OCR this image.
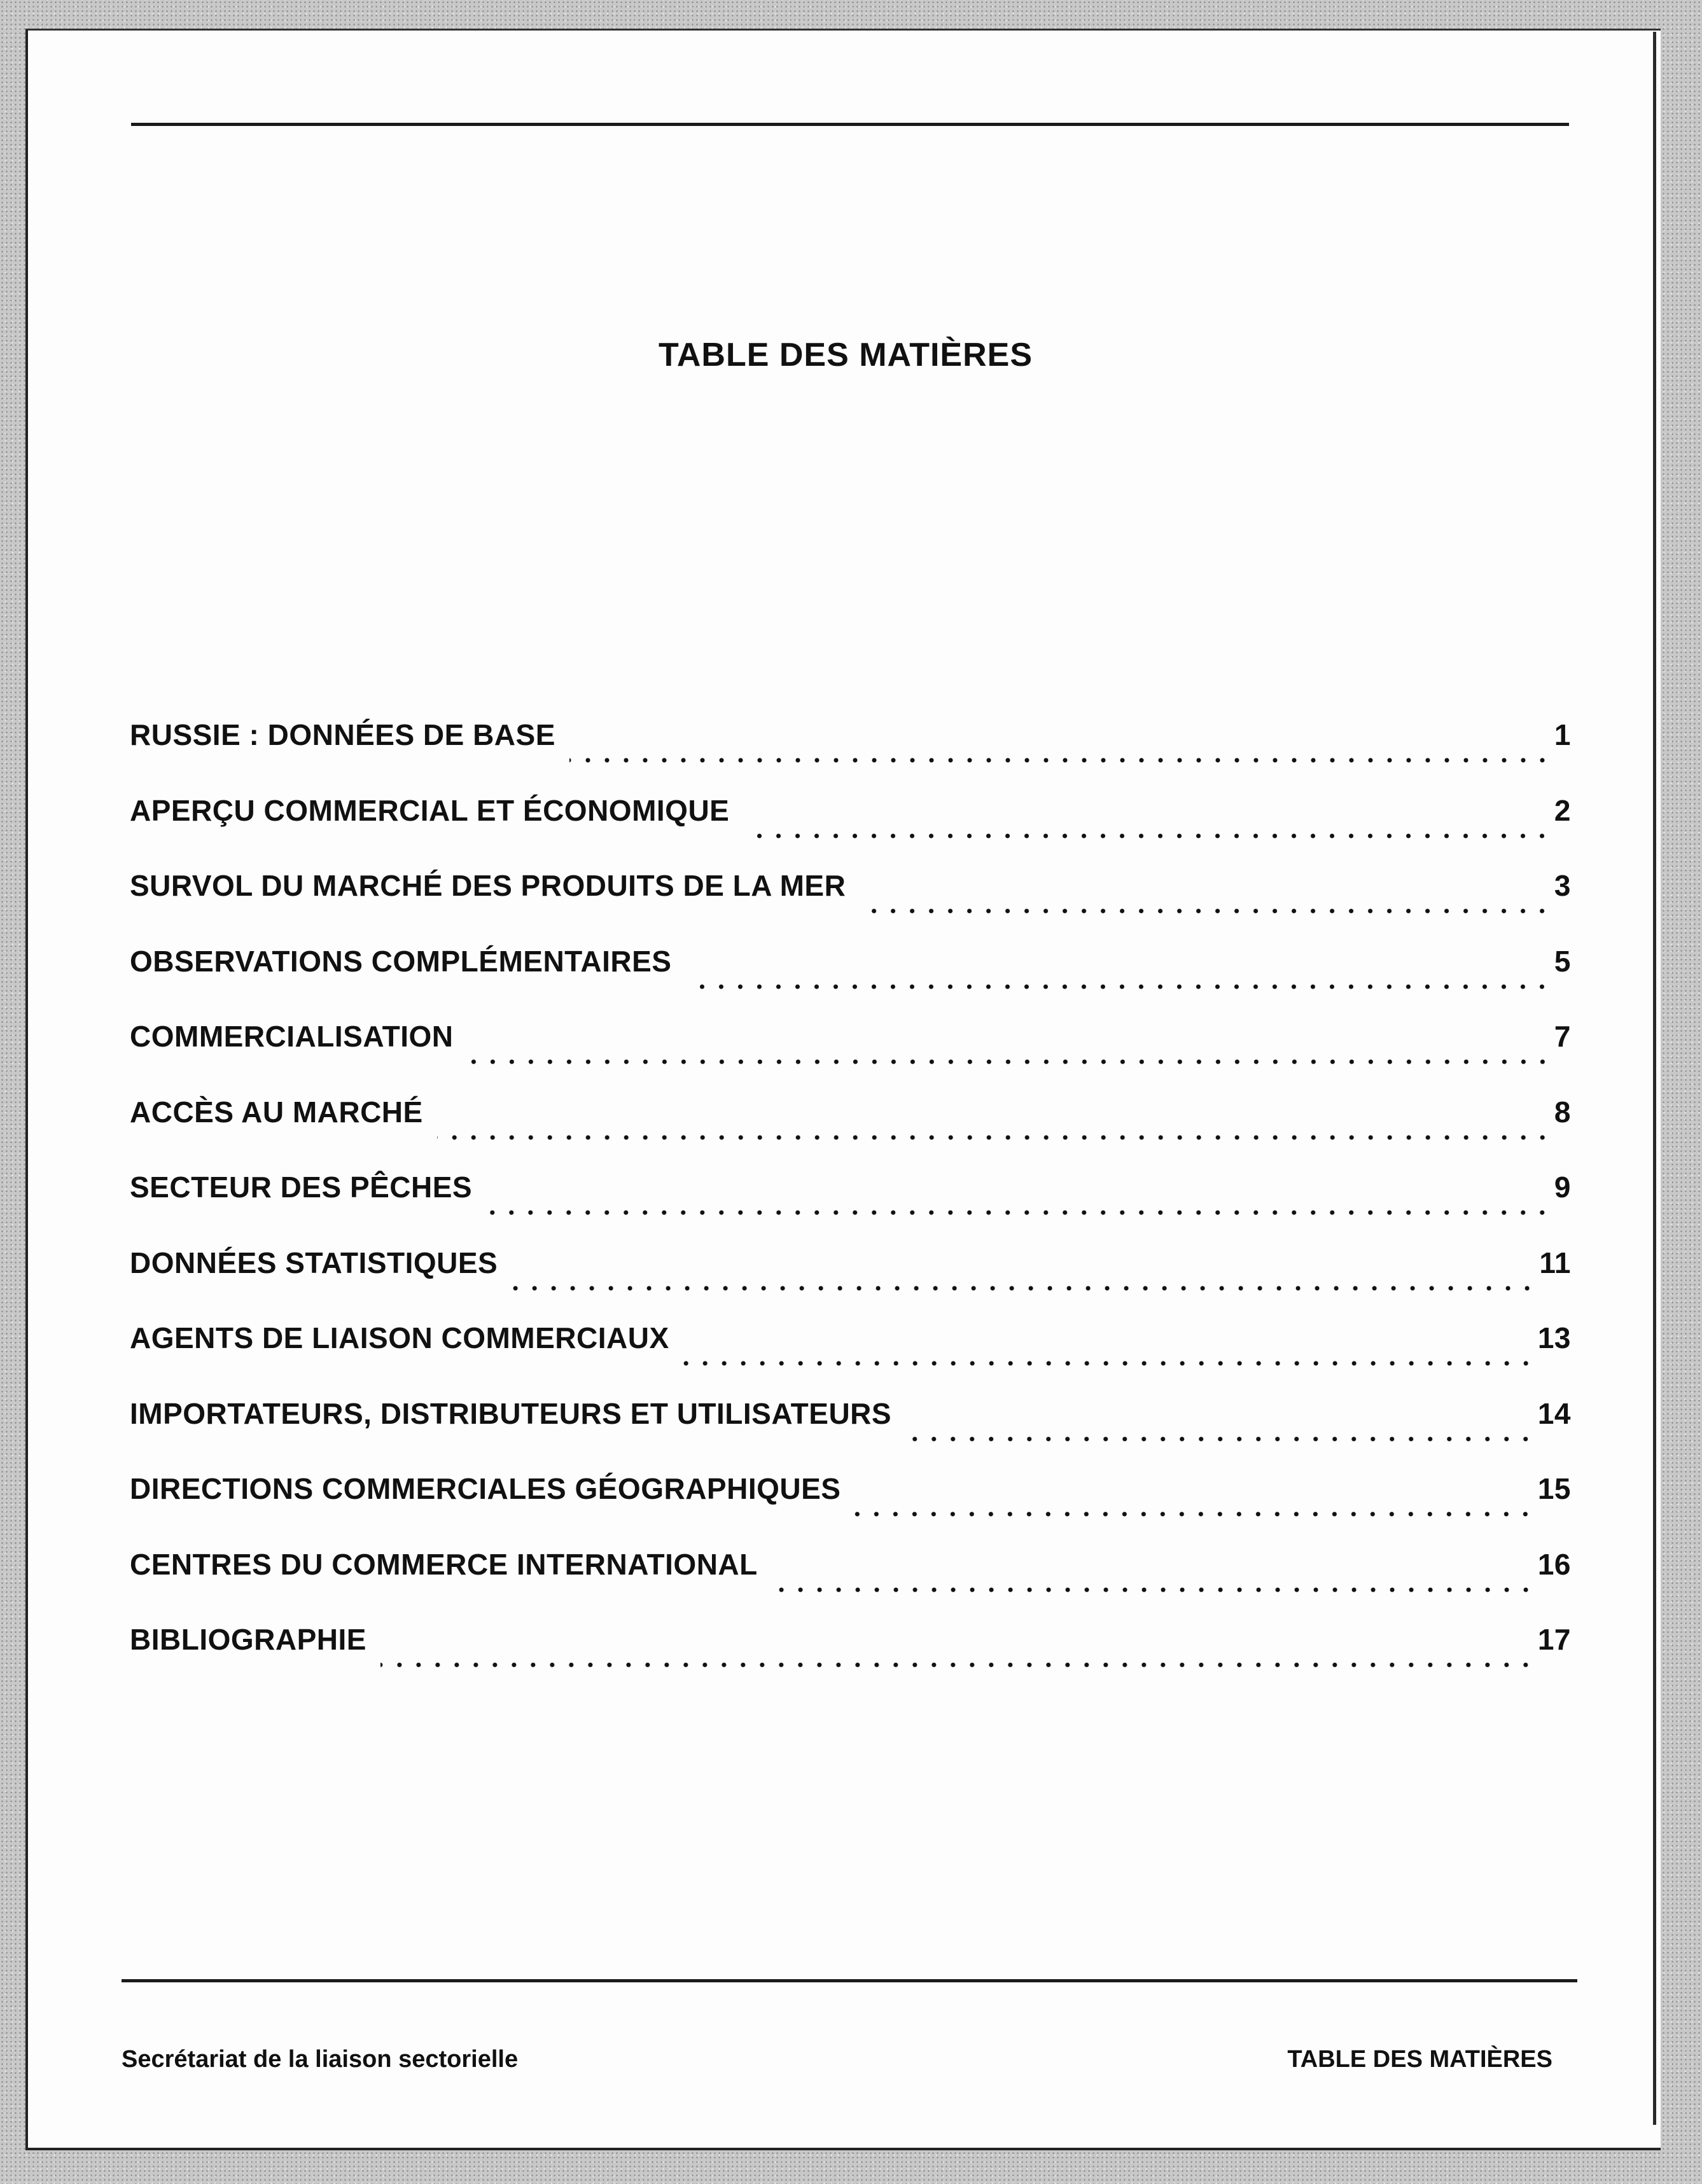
TABLE DES MATIÈRES
RUSSIE : DONNÉES DE BASE	1
APERÇU COMMERCIAL ET ÉCONOMIQUE	2
SURVOL DU MARCHÉ DES PRODUITS DE LA MER	3
OBSERVATIONS COMPLÉMENTAIRES	5
COMMERCIALISATION	7
ACCÈS AU MARCHÉ	8
SECTEUR DES PÊCHES	9
DONNÉES STATISTIQUES	11
AGENTS DE LIAISON COMMERCIAUX	13
IMPORTATEURS, DISTRIBUTEURS ET UTILISATEURS	14
DIRECTIONS COMMERCIALES GÉOGRAPHIQUES	15
CENTRES DU COMMERCE INTERNATIONAL	16
BIBLIOGRAPHIE	17
Secrétariat de la liaison sectorielle	TABLE DES MATIÈRES
